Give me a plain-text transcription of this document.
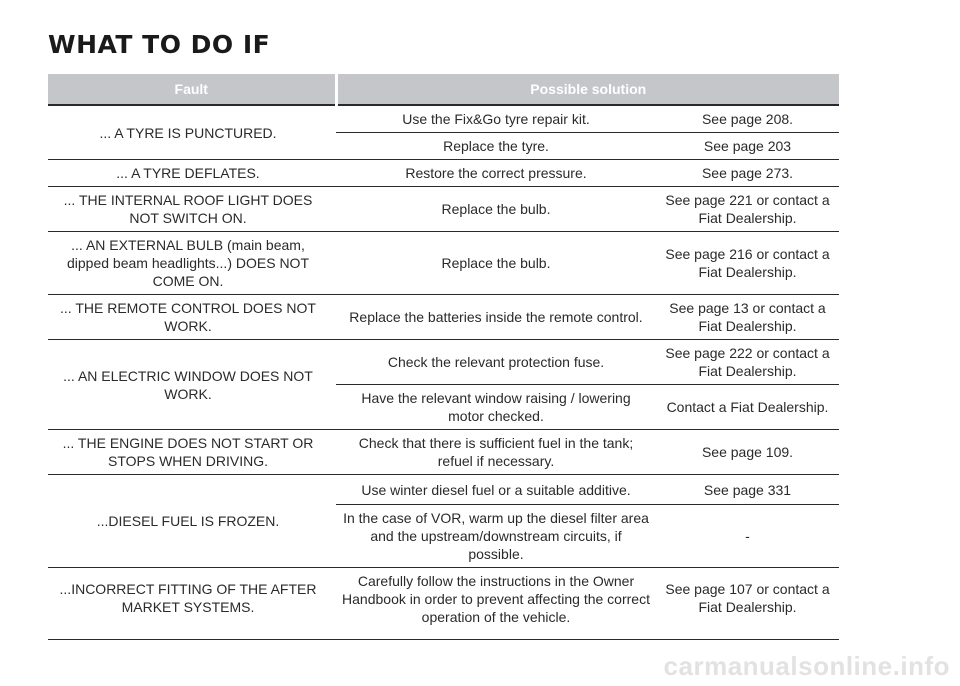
WHAT TO DO IF
Fault	Possible solution	
... A TYRE IS PUNCTURED.	Use the Fix&Go tyre repair kit.	See page 208.
	Replace the tyre.	See page 203
... A TYRE DEFLATES.	Restore the correct pressure.	See page 273.
... THE INTERNAL ROOF LIGHT DOES NOT SWITCH ON.	Replace the bulb.	See page 221 or contact a Fiat Dealership.
... AN EXTERNAL BULB (main beam, dipped beam headlights...) DOES NOT COME ON.	Replace the bulb.	See page 216 or contact a Fiat Dealership.
... THE REMOTE CONTROL DOES NOT WORK.	Replace the batteries inside the remote control.	See page 13 or contact a Fiat Dealership.
... AN ELECTRIC WINDOW DOES NOT WORK.	Check the relevant protection fuse.	See page 222 or contact a Fiat Dealership.
	Have the relevant window raising / lowering motor checked.	Contact a Fiat Dealership.
... THE ENGINE DOES NOT START OR STOPS WHEN DRIVING.	Check that there is sufficient fuel in the tank; refuel if necessary.	See page 109.
...DIESEL FUEL IS FROZEN.	Use winter diesel fuel or a suitable additive.	See page 331
	In the case of VOR, warm up the diesel filter area and the upstream/downstream circuits, if possible.	-
...INCORRECT FITTING OF THE AFTER MARKET SYSTEMS.	Carefully follow the instructions in the Owner Handbook in order to prevent affecting the correct operation of the vehicle.	See page 107 or contact a Fiat Dealership.
carmanualsonline.info
